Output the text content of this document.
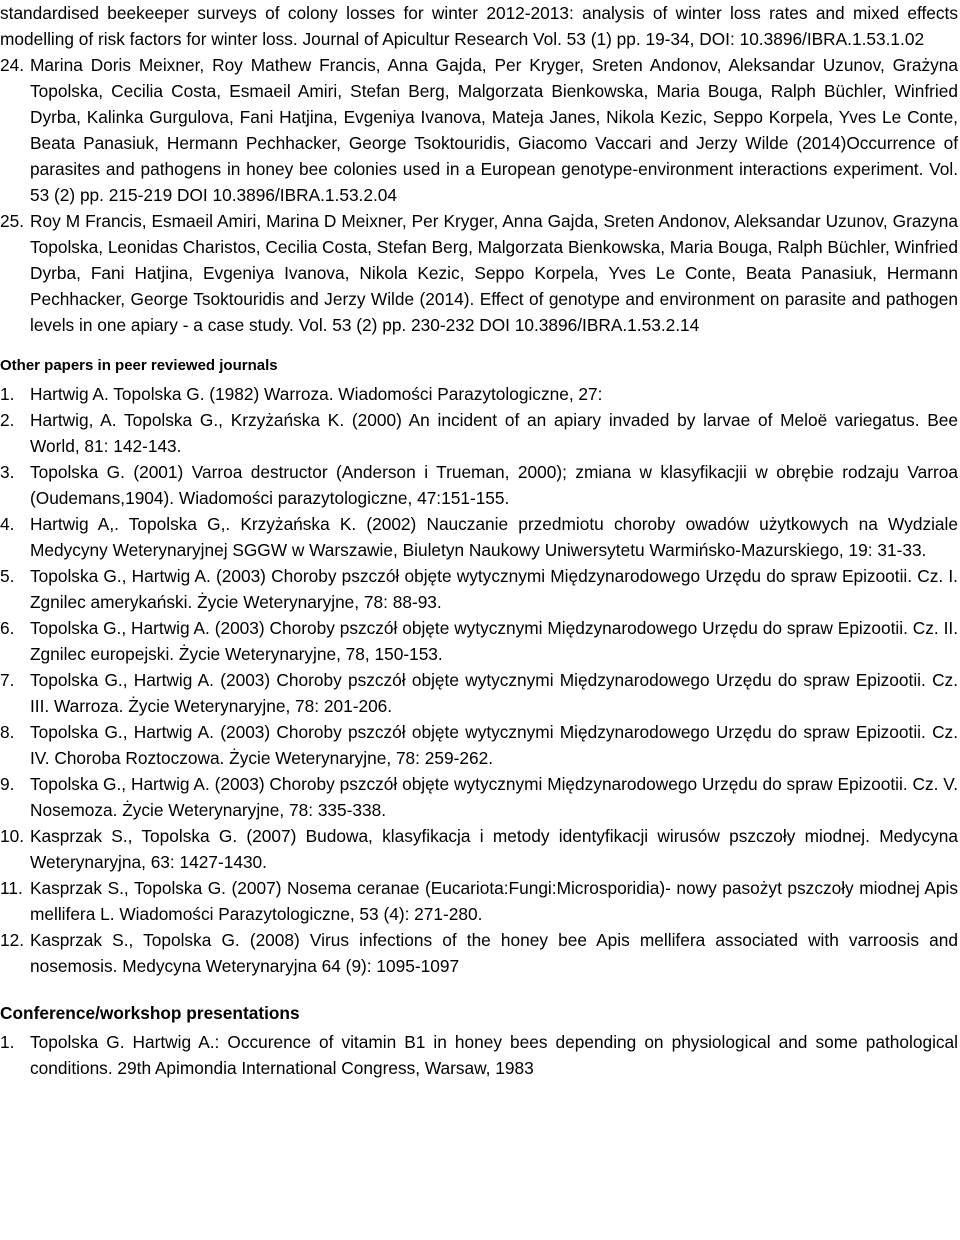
standardised beekeeper surveys of colony losses for winter 2012-2013: analysis of winter loss rates and mixed effects modelling of risk factors for winter loss. Journal of Apicultur Research Vol. 53 (1) pp. 19-34, DOI: 10.3896/IBRA.1.53.1.02
24. Marina Doris Meixner, Roy Mathew Francis, Anna Gajda, Per Kryger, Sreten Andonov, Aleksandar Uzunov, Grażyna Topolska, Cecilia Costa, Esmaeil Amiri, Stefan Berg, Malgorzata Bienkowska, Maria Bouga, Ralph Büchler, Winfried Dyrba, Kalinka Gurgulova, Fani Hatjina, Evgeniya Ivanova, Mateja Janes, Nikola Kezic, Seppo Korpela, Yves Le Conte, Beata Panasiuk, Hermann Pechhacker, George Tsoktouridis, Giacomo Vaccari and Jerzy Wilde (2014)Occurrence of parasites and pathogens in honey bee colonies used in a European genotype-environment interactions experiment. Vol. 53 (2) pp. 215-219 DOI 10.3896/IBRA.1.53.2.04
25. Roy M Francis, Esmaeil Amiri, Marina D Meixner, Per Kryger, Anna Gajda, Sreten Andonov, Aleksandar Uzunov, Grazyna Topolska, Leonidas Charistos, Cecilia Costa, Stefan Berg, Malgorzata Bienkowska, Maria Bouga, Ralph Büchler, Winfried Dyrba, Fani Hatjina, Evgeniya Ivanova, Nikola Kezic, Seppo Korpela, Yves Le Conte, Beata Panasiuk, Hermann Pechhacker, George Tsoktouridis and Jerzy Wilde (2014). Effect of genotype and environment on parasite and pathogen levels in one apiary - a case study. Vol. 53 (2) pp. 230-232 DOI 10.3896/IBRA.1.53.2.14
Other papers in peer reviewed journals
1. Hartwig A. Topolska G. (1982) Warroza. Wiadomości Parazytologiczne, 27:
2. Hartwig, A. Topolska G., Krzyżańska K. (2000) An incident of an apiary invaded by larvae of Meloë variegatus. Bee World, 81: 142-143.
3. Topolska G. (2001) Varroa destructor (Anderson i Trueman, 2000); zmiana w klasyfikacjii w obrębie rodzaju Varroa (Oudemans,1904). Wiadomości parazytologiczne, 47:151-155.
4. Hartwig A,. Topolska G,. Krzyżańska K. (2002) Nauczanie przedmiotu choroby owadów użytkowych na Wydziale Medycyny Weterynaryjnej SGGW w Warszawie, Biuletyn Naukowy Uniwersytetu Warmińsko-Mazurskiego, 19: 31-33.
5. Topolska G., Hartwig A. (2003) Choroby pszczół objęte wytycznymi Międzynarodowego Urzędu do spraw Epizootii. Cz. I. Zgnilec amerykański. Życie Weterynaryjne, 78: 88-93.
6. Topolska G., Hartwig A. (2003) Choroby pszczół objęte wytycznymi Międzynarodowego Urzędu do spraw Epizootii. Cz. II. Zgnilec europejski. Życie Weterynaryjne, 78, 150-153.
7. Topolska G., Hartwig A. (2003) Choroby pszczół objęte wytycznymi Międzynarodowego Urzędu do spraw Epizootii. Cz. III. Warroza. Życie Weterynaryjne, 78: 201-206.
8. Topolska G., Hartwig A. (2003) Choroby pszczół objęte wytycznymi Międzynarodowego Urzędu do spraw Epizootii. Cz. IV. Choroba Roztoczowa. Życie Weterynaryjne, 78: 259-262.
9. Topolska G., Hartwig A. (2003) Choroby pszczół objęte wytycznymi Międzynarodowego Urzędu do spraw Epizootii. Cz. V. Nosemoza. Życie Weterynaryjne, 78: 335-338.
10. Kasprzak S., Topolska G. (2007) Budowa, klasyfikacja i metody identyfikacji wirusów pszczoły miodnej. Medycyna Weterynaryjna, 63: 1427-1430.
11. Kasprzak S., Topolska G. (2007) Nosema ceranae (Eucariota:Fungi:Microsporidia)- nowy pasożyt pszczoły miodnej Apis mellifera L. Wiadomości Parazytologiczne, 53 (4): 271-280.
12. Kasprzak S., Topolska G. (2008) Virus infections of the honey bee Apis mellifera associated with varroosis and nosemosis. Medycyna Weterynaryjna 64 (9): 1095-1097
Conference/workshop presentations
1. Topolska G. Hartwig A.: Occurence of vitamin B1 in honey bees depending on physiological and some pathological conditions. 29th Apimondia International Congress, Warsaw, 1983
